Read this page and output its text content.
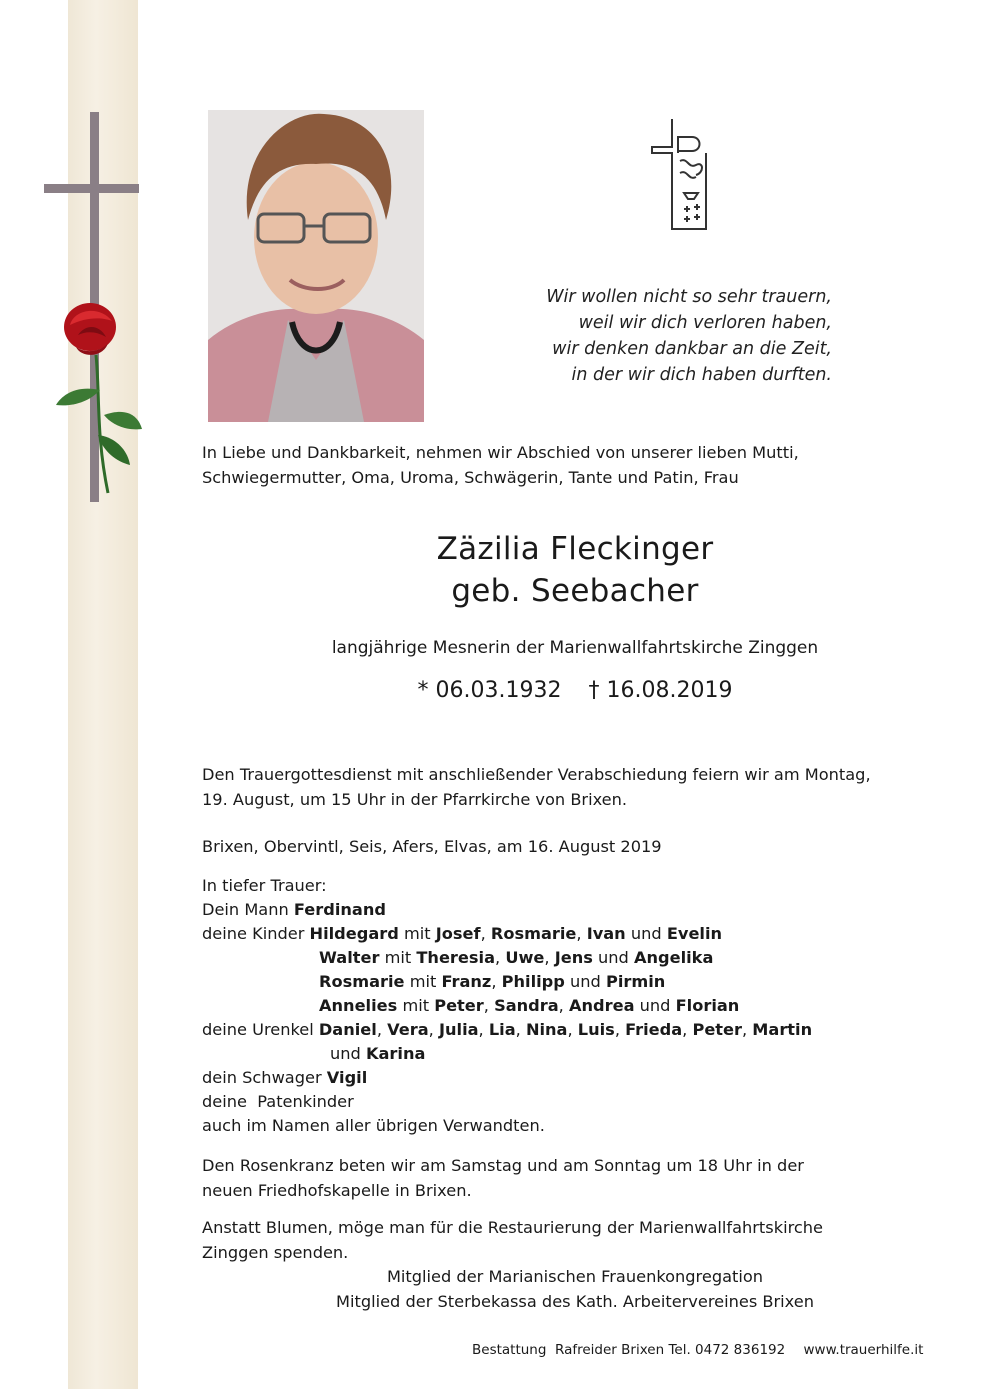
Wir wollen nicht so sehr trauern,
weil wir dich verloren haben,
wir denken dankbar an die Zeit,
in der wir dich haben durften.
In Liebe und Dankbarkeit, nehmen wir Abschied von unserer lieben Mutti,
Schwiegermutter, Oma, Uroma, Schwägerin, Tante und Patin, Frau
Zäzilia Fleckinger
geb. Seebacher
langjährige Mesnerin der Marienwallfahrtskirche Zinggen
* 06.03.1932 † 16.08.2019
Den Trauergottesdienst mit anschließender Verabschiedung feiern wir am Montag,
19. August, um 15 Uhr in der Pfarrkirche von Brixen.
Brixen, Obervintl, Seis, Afers, Elvas, am 16. August 2019
In tiefer Trauer:
Dein Mann Ferdinand
deine Kinder Hildegard mit Josef, Rosmarie, Ivan und Evelin
Walter mit Theresia, Uwe, Jens und Angelika
Rosmarie mit Franz, Philipp und Pirmin
Annelies mit Peter, Sandra, Andrea und Florian
deine Urenkel Daniel, Vera, Julia, Lia, Nina, Luis, Frieda, Peter, Martin
und Karina
dein Schwager Vigil
deine  Patenkinder
auch im Namen aller übrigen Verwandten.
Den Rosenkranz beten wir am Samstag und am Sonntag um 18 Uhr in der
neuen Friedhofskapelle in Brixen.
Anstatt Blumen, möge man für die Restaurierung der Marienwallfahrtskirche
Zinggen spenden.
Mitglied der Marianischen Frauenkongregation
Mitglied der Sterbekassa des Kath. Arbeitervereines Brixen
Bestattung  Rafreider Brixen Tel. 0472 836192 www.trauerhilfe.it
